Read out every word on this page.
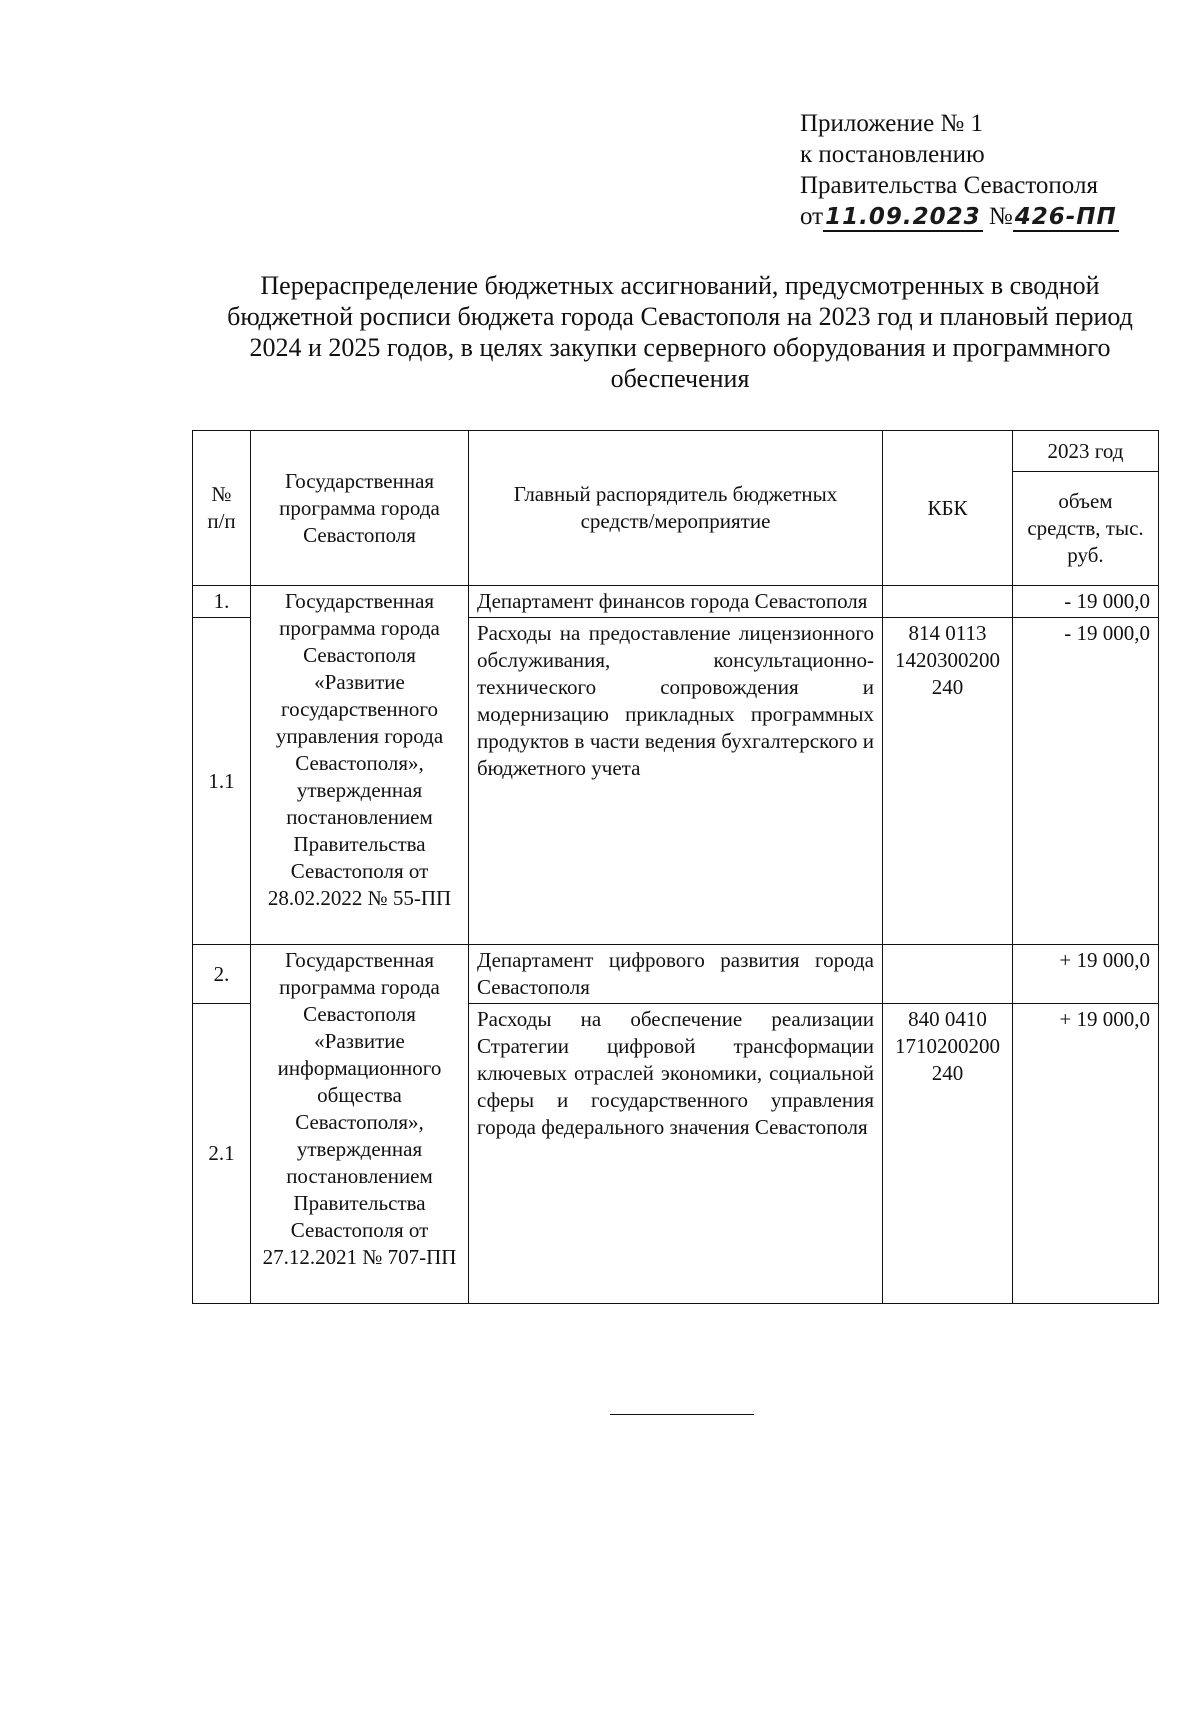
Приложение № 1
к постановлению
Правительства Севастополя
от11.09.2023 №426-ПП
Перераспределение бюджетных ассигнований, предусмотренных в сводной бюджетной росписи бюджета города Севастополя на 2023 год и плановый период 2024 и 2025 годов, в целях закупки серверного оборудования и программного обеспечения
№ п/п	Государственная программа города Севастополя	Главный распорядитель бюджетных средств/мероприятие	КБК	2023 год
				объем средств, тыс. руб.
1.	Государственная программа города Севастополя «Развитие государственного управления города Севастополя», утвержденная постановлением Правительства Севастополя от 28.02.2022 № 55-ПП	Департамент финансов города Севастополя		- 19 000,0
1.1		Расходы на предоставление лицензионного обслуживания, консультационно-технического сопровождения и модернизацию прикладных программных продуктов в части ведения бухгалтерского и бюджетного учета	814 0113 1420300200 240	- 19 000,0
2.	Государственная программа города Севастополя «Развитие информационного общества Севастополя», утвержденная постановлением Правительства Севастополя от 27.12.2021 № 707-ПП	Департамент цифрового развития города Севастополя		+ 19 000,0
2.1		Расходы на обеспечение реализации Стратегии цифровой трансформации ключевых отраслей экономики, социальной сферы и государственного управления города федерального значения Севастополя	840 0410 1710200200 240	+ 19 000,0
